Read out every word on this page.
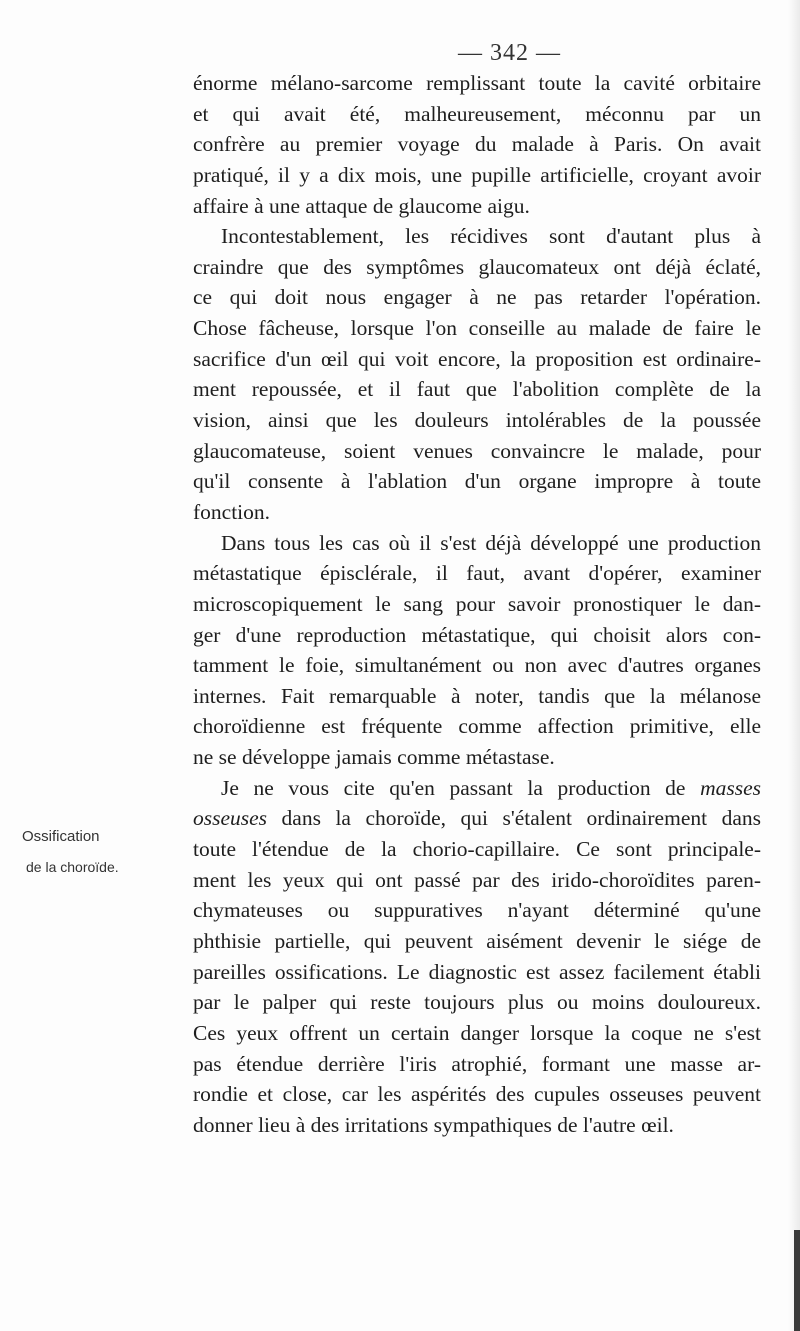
— 342 —
Ossification
de la choroïde.
énorme mélano-sarcome remplissant toute la cavité orbitaire
et qui avait été, malheureusement, méconnu par un
confrère au premier voyage du malade à Paris. On avait
pratiqué, il y a dix mois, une pupille artificielle, croyant avoir
affaire à une attaque de glaucome aigu.
Incontestablement, les récidives sont d'autant plus à
craindre que des symptômes glaucomateux ont déjà éclaté,
ce qui doit nous engager à ne pas retarder l'opération.
Chose fâcheuse, lorsque l'on conseille au malade de faire le
sacrifice d'un œil qui voit encore, la proposition est ordinaire-
ment repoussée, et il faut que l'abolition complète de la
vision, ainsi que les douleurs intolérables de la poussée
glaucomateuse, soient venues convaincre le malade, pour
qu'il consente à l'ablation d'un organe impropre à toute
fonction.
Dans tous les cas où il s'est déjà développé une production
métastatique épisclérale, il faut, avant d'opérer, examiner
microscopiquement le sang pour savoir pronostiquer le dan-
ger d'une reproduction métastatique, qui choisit alors con-
tamment le foie, simultanément ou non avec d'autres organes
internes. Fait remarquable à noter, tandis que la mélanose
choroïdienne est fréquente comme affection primitive, elle
ne se développe jamais comme métastase.
Je ne vous cite qu'en passant la production de masses
osseuses dans la choroïde, qui s'étalent ordinairement dans
toute l'étendue de la chorio-capillaire. Ce sont principale-
ment les yeux qui ont passé par des irido-choroïdites paren-
chymateuses ou suppuratives n'ayant déterminé qu'une
phthisie partielle, qui peuvent aisément devenir le siége de
pareilles ossifications. Le diagnostic est assez facilement établi
par le palper qui reste toujours plus ou moins douloureux.
Ces yeux offrent un certain danger lorsque la coque ne s'est
pas étendue derrière l'iris atrophié, formant une masse ar-
rondie et close, car les aspérités des cupules osseuses peuvent
donner lieu à des irritations sympathiques de l'autre œil.
